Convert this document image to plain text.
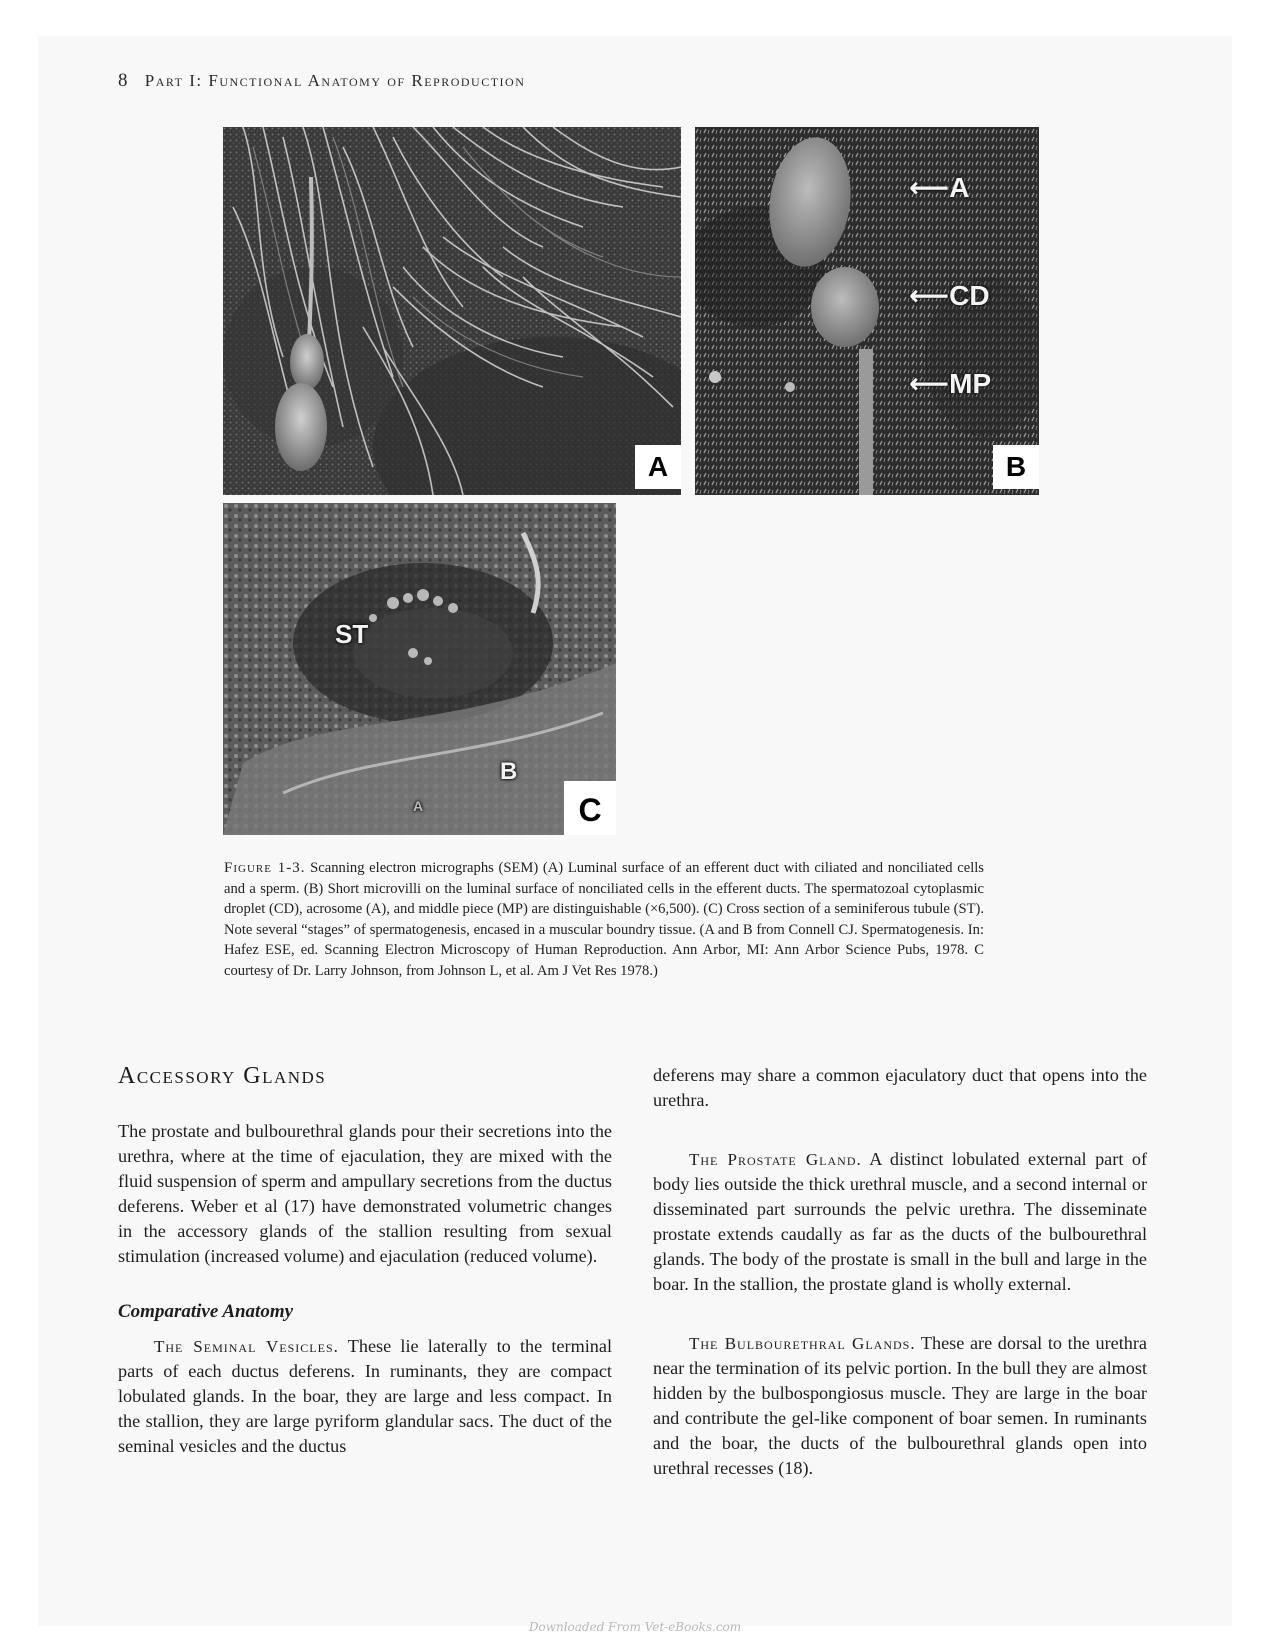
8 Part I: Functional Anatomy of Reproduction
A
⟵A
⟵CD
⟵MP
B
ST
B
A	C
Figure 1-3. Scanning electron micrographs (SEM) (A) Luminal surface of an efferent duct with ciliated and nonciliated cells and a sperm. (B) Short microvilli on the luminal surface of nonciliated cells in the efferent ducts. The spermatozoal cytoplasmic droplet (CD), acrosome (A), and middle piece (MP) are distinguishable (×6,500). (C) Cross section of a seminiferous tubule (ST). Note several “stages” of spermatogenesis, encased in a muscular boundry tissue. (A and B from Connell CJ. Spermatogenesis. In: Hafez ESE, ed. Scanning Electron Microscopy of Human Reproduction. Ann Arbor, MI: Ann Arbor Science Pubs, 1978. C courtesy of Dr. Larry Johnson, from Johnson L, et al. Am J Vet Res 1978.)
Accessory Glands

The prostate and bulbourethral glands pour their secretions into the urethra, where at the time of ejaculation, they are mixed with the fluid suspension of sperm and ampullary secretions from the ductus deferens. Weber et al (17) have demonstrated volumetric changes in the accessory glands of the stallion resulting from sexual stimulation (increased volume) and ejaculation (reduced volume).

Comparative Anatomy

The Seminal Vesicles. These lie laterally to the terminal parts of each ductus deferens. In ruminants, they are compact lobulated glands. In the boar, they are large and less compact. In the stallion, they are large pyriform glandular sacs. The duct of the seminal vesicles and the ductus

deferens may share a common ejaculatory duct that opens into the urethra.

The Prostate Gland. A distinct lobulated external part of body lies outside the thick urethral muscle, and a second internal or disseminated part surrounds the pelvic urethra. The disseminate prostate extends caudally as far as the ducts of the bulbourethral glands. The body of the prostate is small in the bull and large in the boar. In the stallion, the prostate gland is wholly external.

The Bulbourethral Glands. These are dorsal to the urethra near the termination of its pelvic portion. In the bull they are almost hidden by the bulbospongiosus muscle. They are large in the boar and contribute the gel-like component of boar semen. In ruminants and the boar, the ducts of the bulbourethral glands open into urethral recesses (18).

Downloaded From Vet-eBooks.com
